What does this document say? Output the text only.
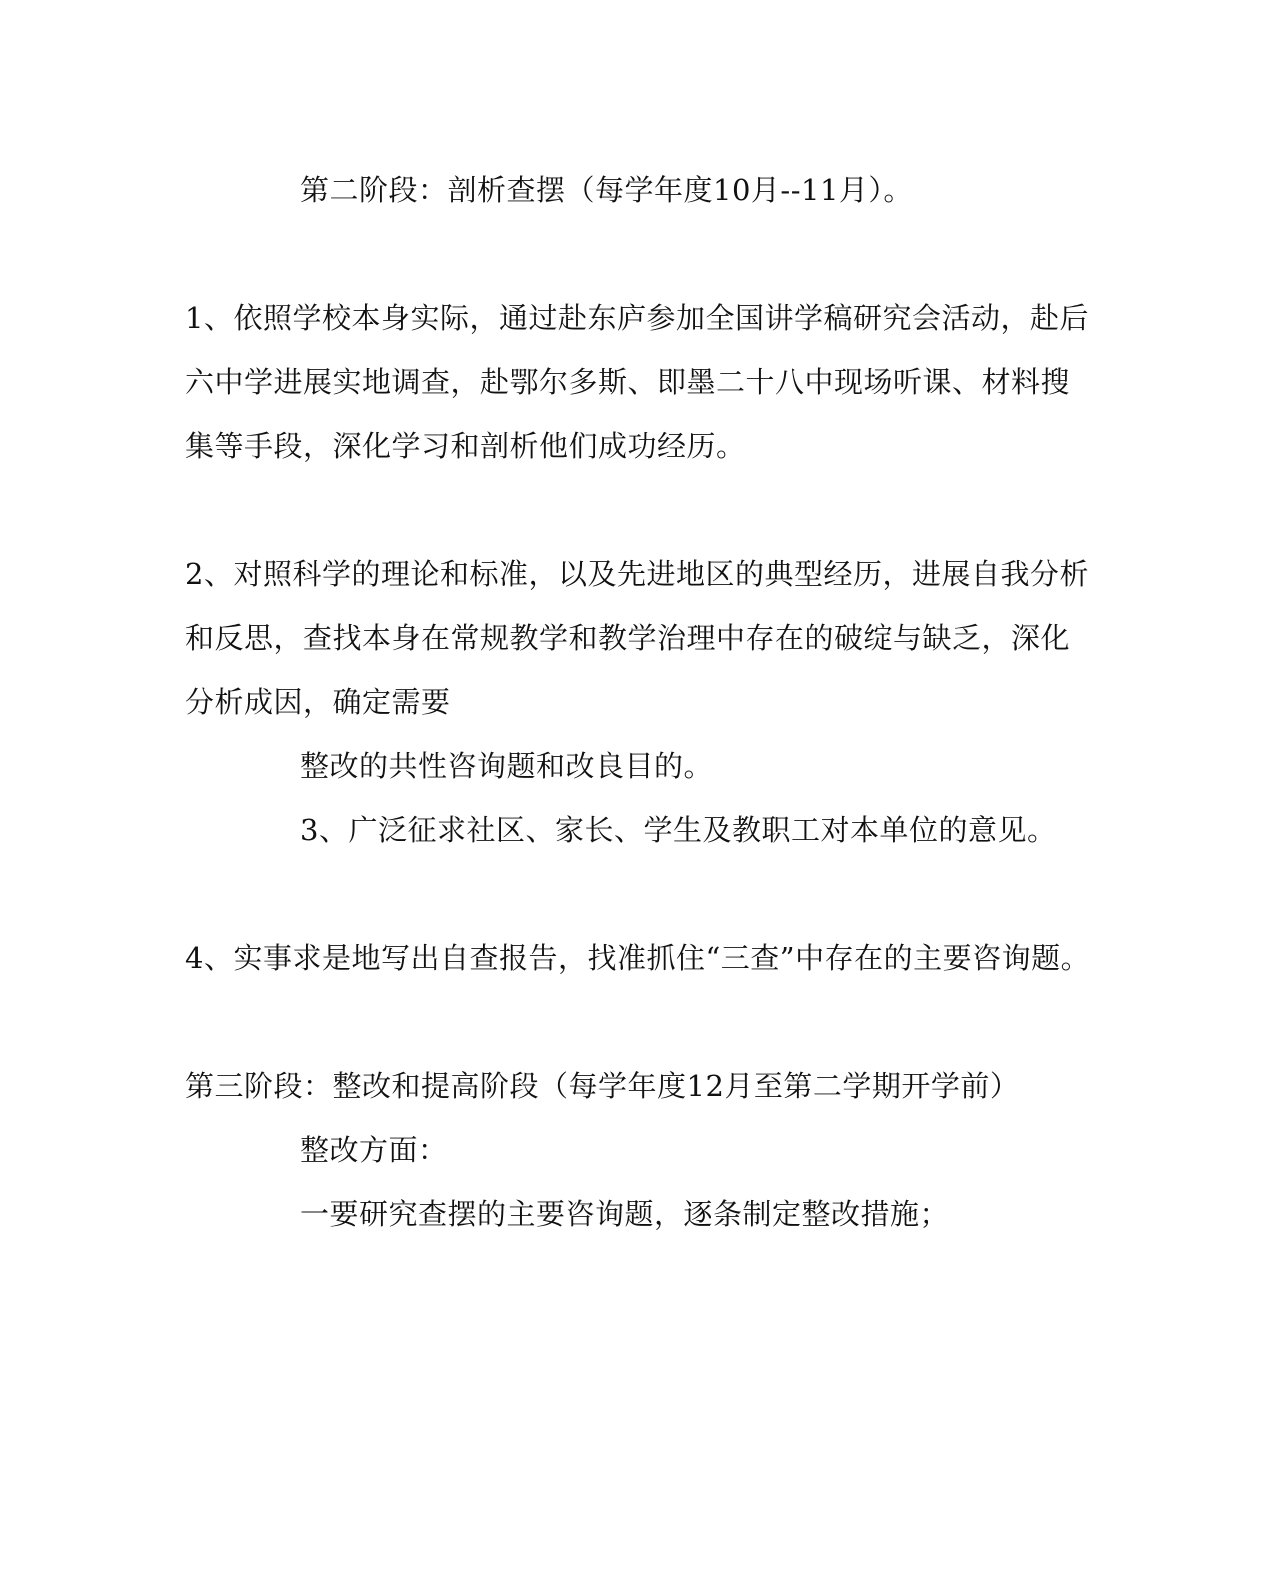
第二阶段：剖析查摆（每学年度10月--11月）。
1、依照学校本身实际，通过赴东庐参加全国讲学稿研究会活动，赴后
六中学进展实地调查，赴鄂尔多斯、即墨二十八中现场听课、材料搜
集等手段，深化学习和剖析他们成功经历。
2、对照科学的理论和标准，以及先进地区的典型经历，进展自我分析
和反思，查找本身在常规教学和教学治理中存在的破绽与缺乏，深化
分析成因，确定需要
整改的共性咨询题和改良目的。
3、广泛征求社区、家长、学生及教职工对本单位的意见。
4、实事求是地写出自查报告，找准抓住“三查”中存在的主要咨询题。
第三阶段：整改和提高阶段（每学年度12月至第二学期开学前）
整改方面：
一要研究查摆的主要咨询题，逐条制定整改措施；
